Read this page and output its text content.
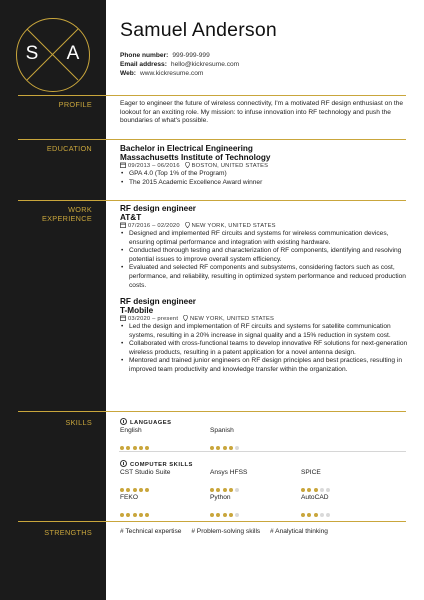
S A
Samuel Anderson
Phone number: 999-999-999
Email address: hello@kickresume.com
Web: www.kickresume.com
PROFILE	Eager to engineer the future of wireless connectivity, I'm a motivated RF design enthusiast on the lookout for an exciting role. My mission: to infuse innovation into RF technology and push the boundaries of what's possible.
EDUCATION	Bachelor in Electrical Engineering
Massachusetts Institute of Technology
09/2013 – 06/2016 BOSTON, UNITED STATES
• GPA 4.0 (Top 1% of the Program)
• The 2015 Academic Excellence Award winner
WORK
EXPERIENCE
RF design engineer
AT&T
07/2016 – 02/2020 NEW YORK, UNITED STATES
• Designed and implemented RF circuits and systems for wireless communication devices, ensuring optimal performance and integration with existing hardware.
• Conducted thorough testing and characterization of RF components, identifying and resolving potential issues to improve overall system efficiency.
• Evaluated and selected RF components and subsystems, considering factors such as cost, performance, and reliability, resulting in optimized system performance and reduced production costs.
RF design engineer
T-Mobile
03/2020 – present NEW YORK, UNITED STATES
• Led the design and implementation of RF circuits and systems for satellite communication systems, resulting in a 20% increase in signal quality and a 15% reduction in system cost.
• Collaborated with cross-functional teams to develop innovative RF solutions for next-generation wireless products, resulting in a patent application for a novel antenna design.
• Mentored and trained junior engineers on RF design principles and best practices, resulting in improved team productivity and knowledge transfer within the organization.
SKILLS	LANGUAGES
English	Spanish
COMPUTER SKILLS
CST Studio Suite	Ansys HFSS	SPICE
FEKO	Python	AutoCAD
STRENGTHS	# Technical expertise # Problem-solving skills # Analytical thinking
